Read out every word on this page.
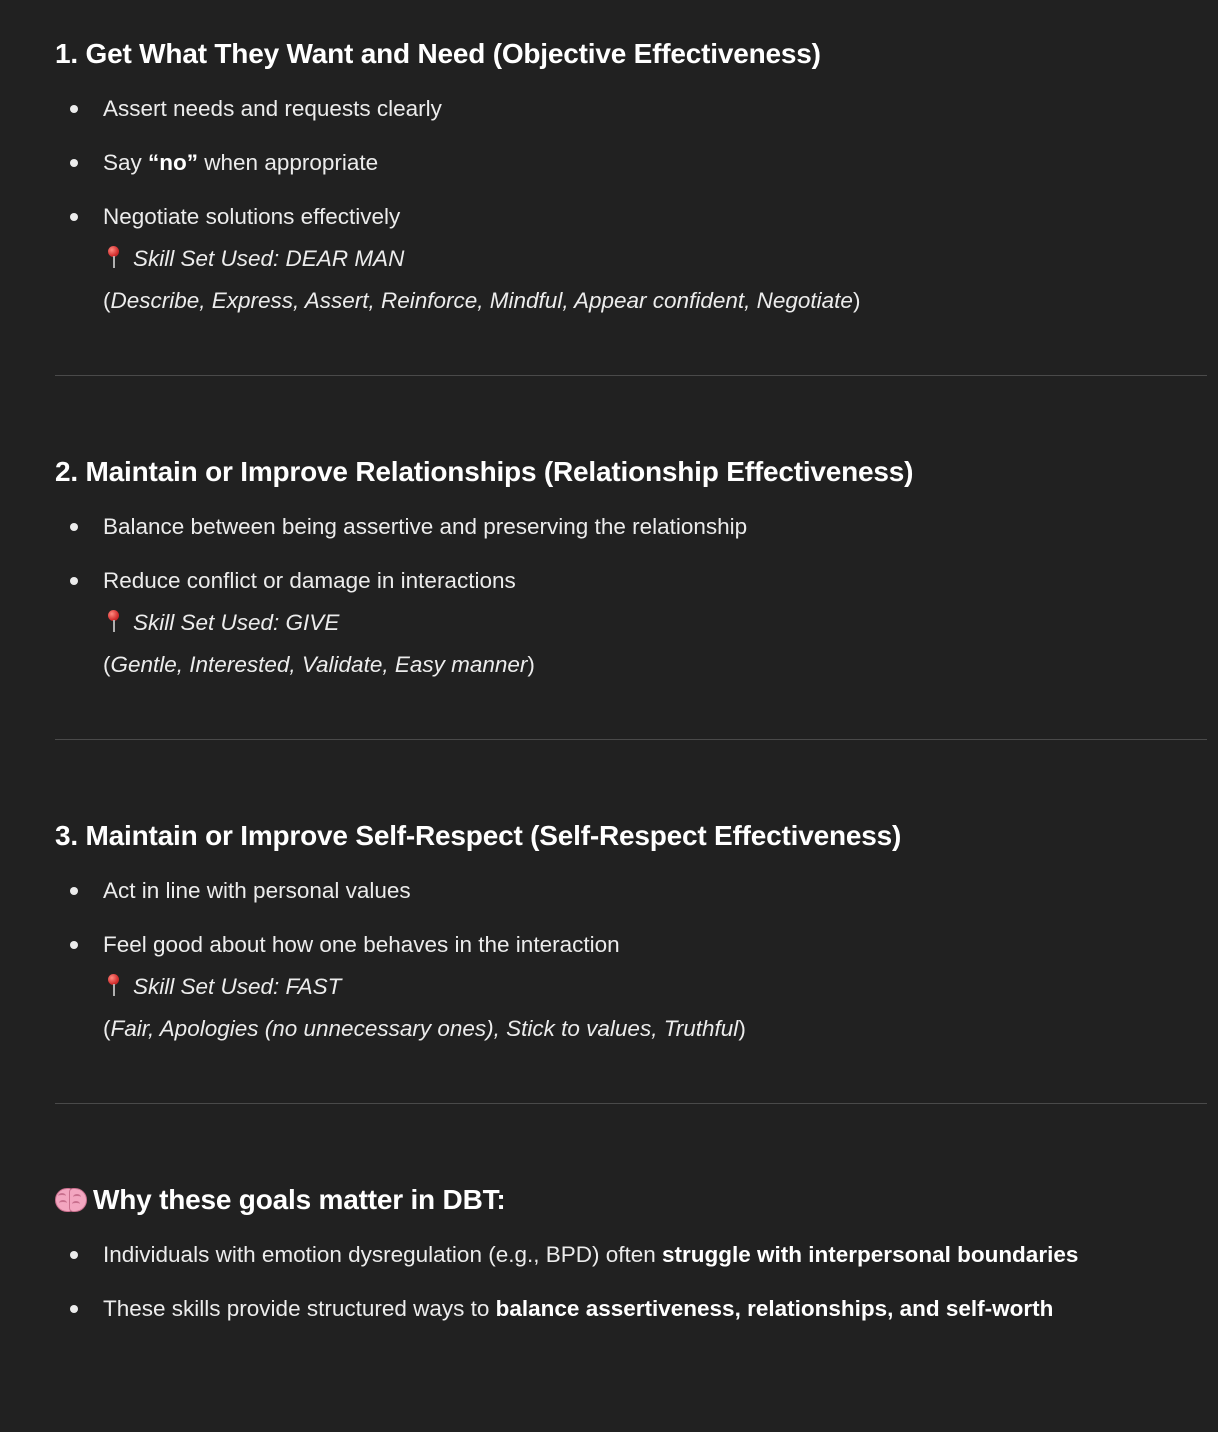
1. Get What They Want and Need (Objective Effectiveness)
Assert needs and requests clearly
Say “no” when appropriate
Negotiate solutions effectively
Skill Set Used: DEAR MAN
(Describe, Express, Assert, Reinforce, Mindful, Appear confident, Negotiate)
2. Maintain or Improve Relationships (Relationship Effectiveness)
Balance between being assertive and preserving the relationship
Reduce conflict or damage in interactions
Skill Set Used: GIVE
(Gentle, Interested, Validate, Easy manner)
3. Maintain or Improve Self-Respect (Self-Respect Effectiveness)
Act in line with personal values
Feel good about how one behaves in the interaction
Skill Set Used: FAST
(Fair, Apologies (no unnecessary ones), Stick to values, Truthful)
Why these goals matter in DBT:
Individuals with emotion dysregulation (e.g., BPD) often struggle with interpersonal boundaries
These skills provide structured ways to balance assertiveness, relationships, and self-worth
